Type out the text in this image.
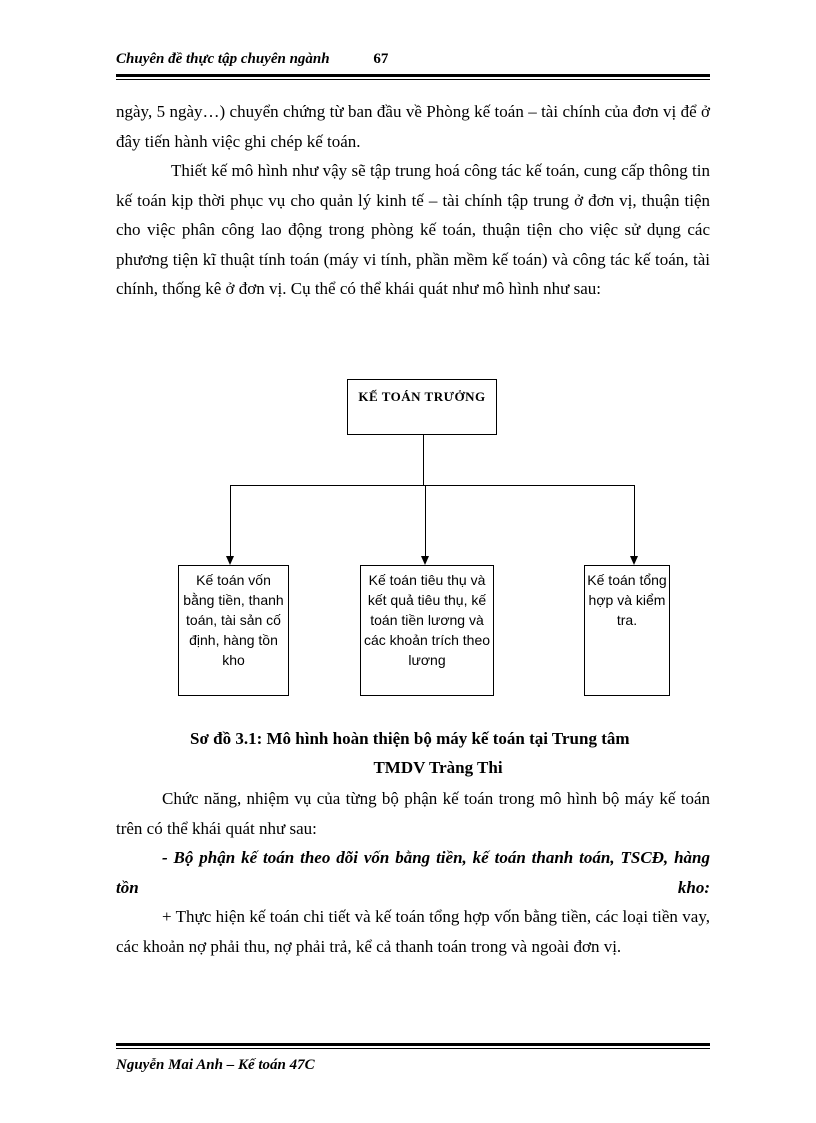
Chuyên đề thực tập chuyên ngành	67

ngày, 5 ngày…) chuyển chứng từ ban đầu về Phòng kế toán – tài chính của đơn vị để ở đây tiến hành việc ghi chép kế toán.

Thiết kế mô hình như vậy sẽ tập trung hoá công tác kế toán, cung cấp thông tin kế toán kịp thời phục vụ cho quản lý kinh tế – tài chính tập trung ở đơn vị, thuận tiện cho việc phân công lao động trong phòng kế toán, thuận tiện cho việc sử dụng các phương tiện kĩ thuật tính toán (máy vi tính, phần mềm kế toán) và công tác kế toán, tài chính, thống kê ở đơn vị. Cụ thể có thể khái quát như mô hình như sau:

KẾ TOÁN TRƯỞNG
Kế toán vốn bằng tiền, thanh toán, tài sản cố định, hàng tồn kho
Kế toán tiêu thụ và kết quả tiêu thụ, kế toán tiền lương và các khoản trích theo lương
Kế toán tổng hợp và kiểm tra.
Sơ đồ 3.1: Mô hình hoàn thiện bộ máy kế toán tại Trung tâm
TMDV Tràng Thi

Chức năng, nhiệm vụ của từng bộ phận kế toán trong mô hình bộ máy kế toán trên có thể khái quát như sau:

- Bộ phận kế toán theo dõi vốn bằng tiền, kế toán thanh toán, TSCĐ, hàng tồn kho:

+ Thực hiện kế toán chi tiết và kế toán tổng hợp vốn bằng tiền, các loại tiền vay, các khoản nợ phải thu, nợ phải trả, kể cả thanh toán trong và ngoài đơn vị.

Nguyễn Mai Anh – Kế toán 47C
